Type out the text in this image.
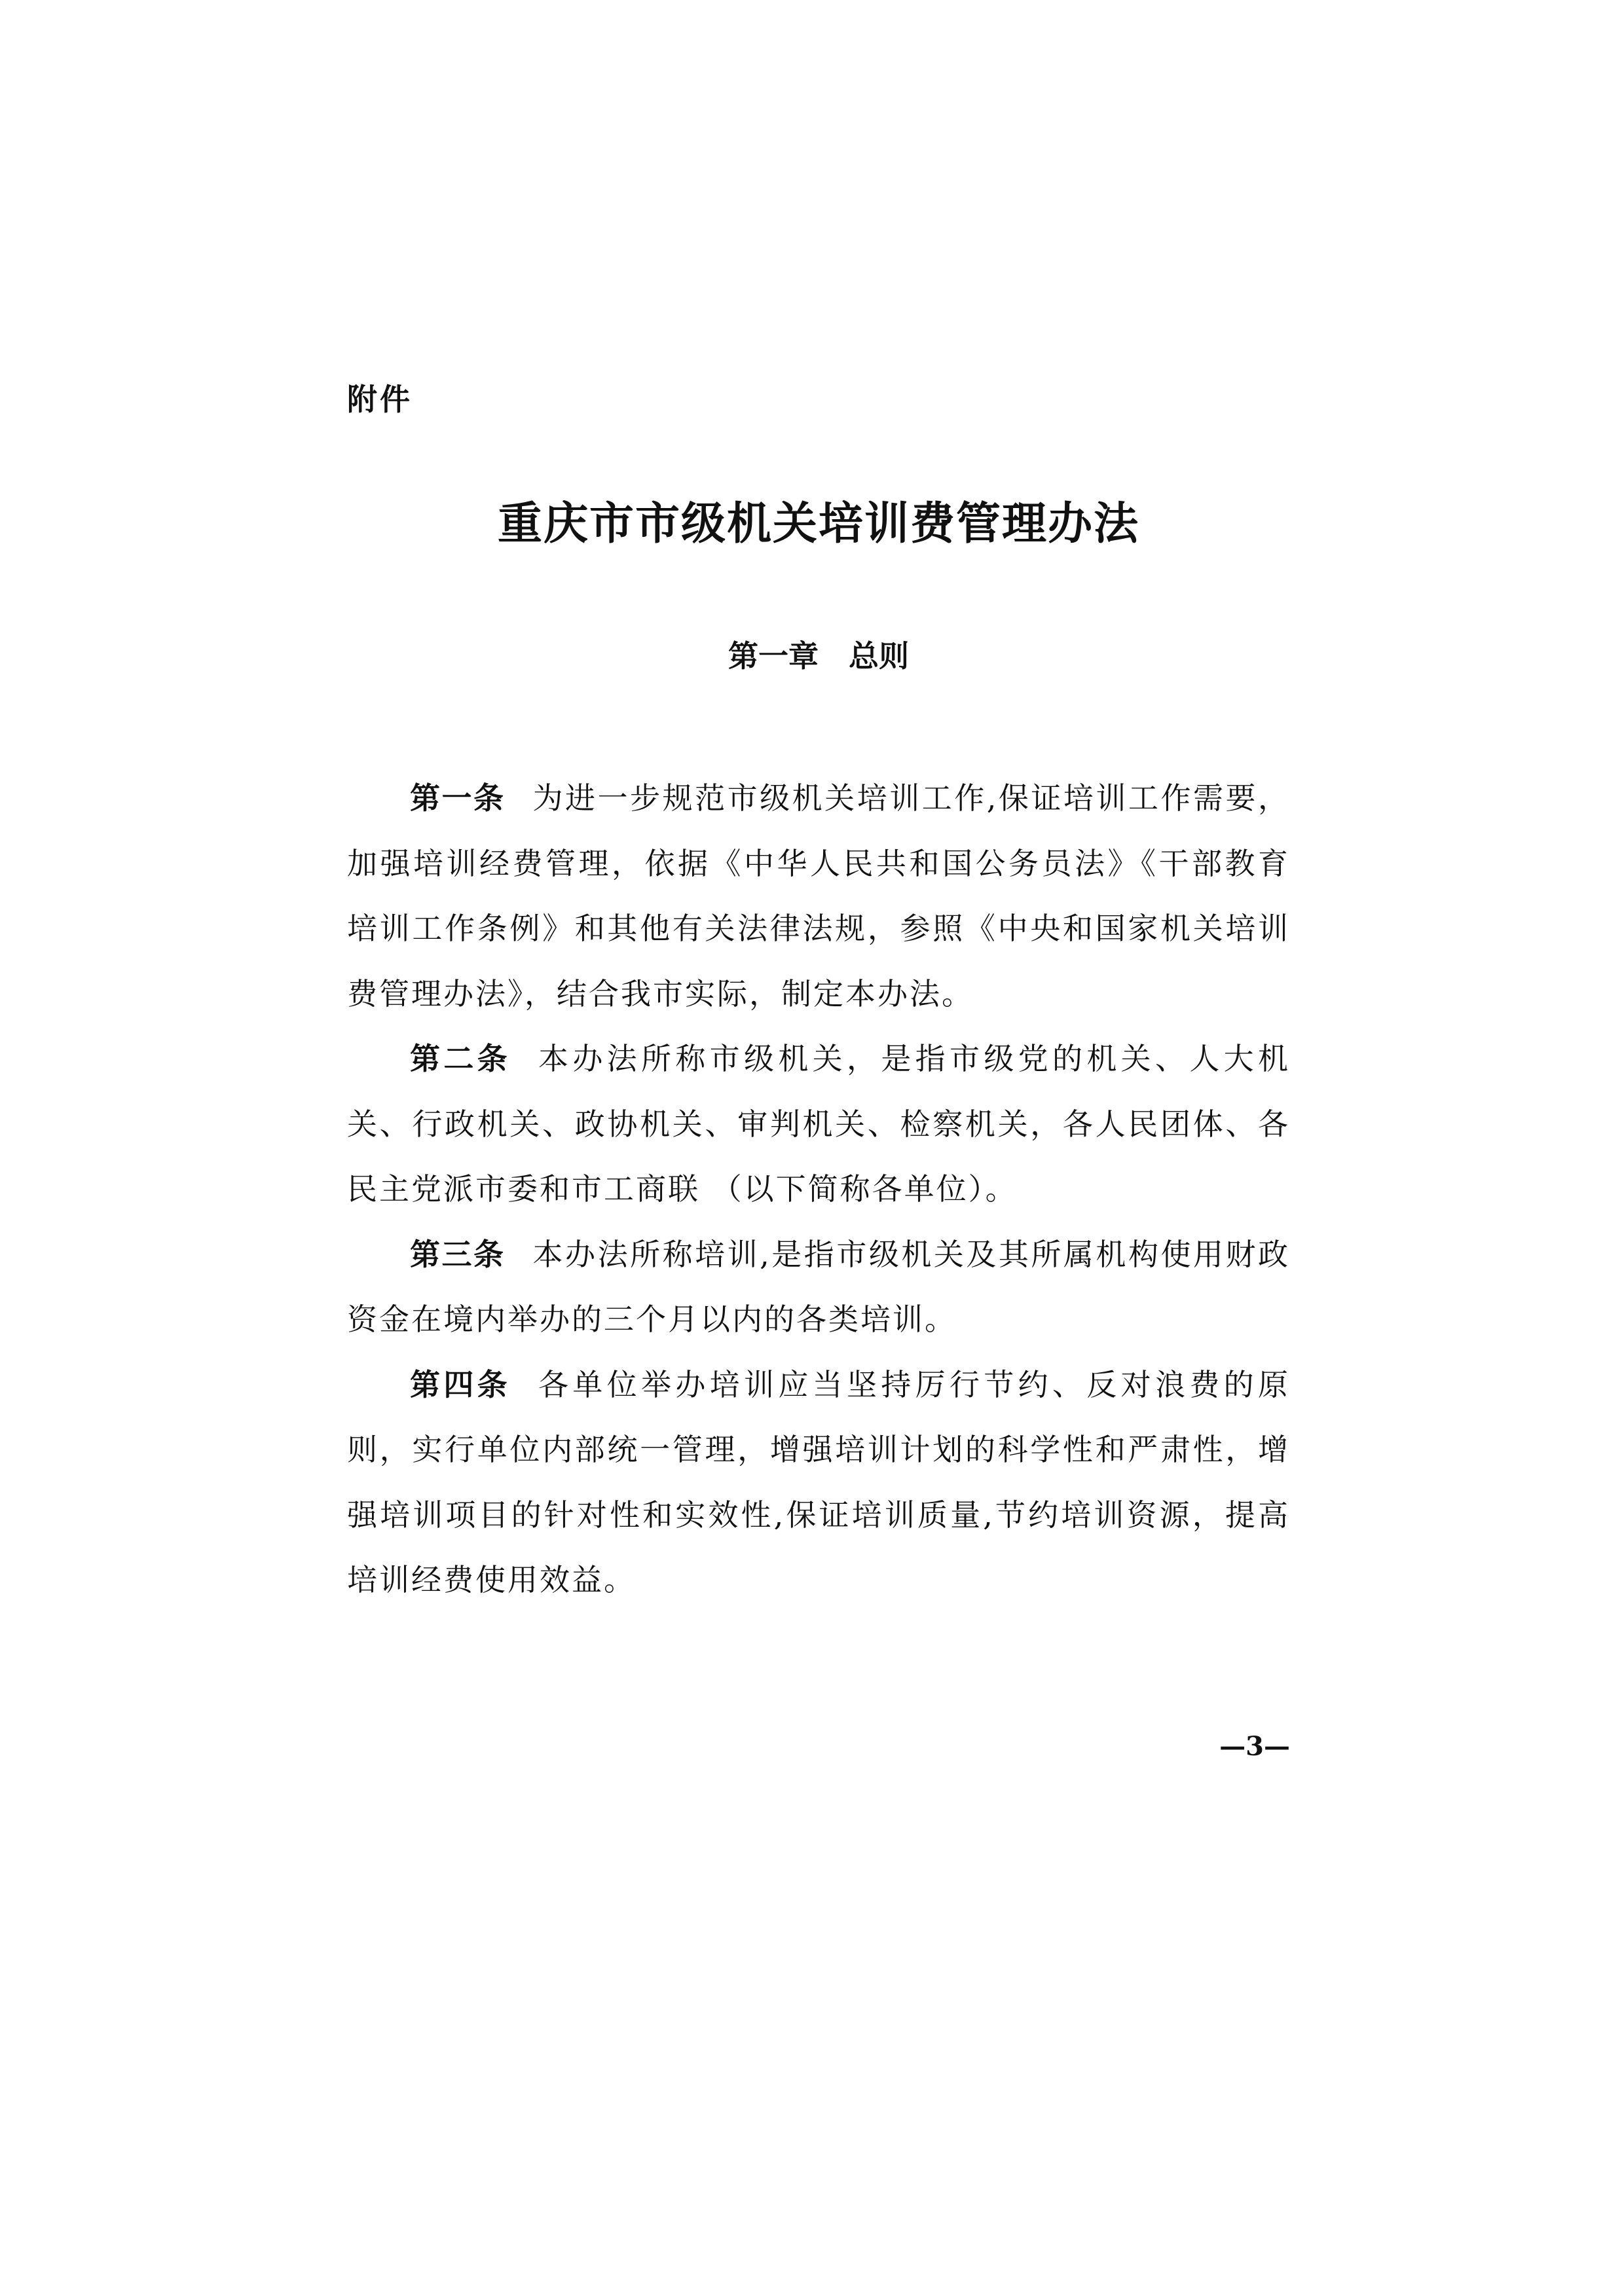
附件

重庆市市级机关培训费管理办法
第一章　总则

第一条 为进一步规范市级机关培训工作,保证培训工作需要，加强培训经费管理，依据《中华人民共和国公务员法》《干部教育培训工作条例》和其他有关法律法规，参照《中央和国家机关培训费管理办法》，结合我市实际，制定本办法。

第二条 本办法所称市级机关，是指市级党的机关、人大机关、行政机关、政协机关、审判机关、检察机关，各人民团体、各民主党派市委和市工商联 （以下简称各单位）。

第三条 本办法所称培训,是指市级机关及其所属机构使用财政资金在境内举办的三个月以内的各类培训。

第四条 各单位举办培训应当坚持厉行节约、反对浪费的原则，实行单位内部统一管理，增强培训计划的科学性和严肃性，增强培训项目的针对性和实效性,保证培训质量,节约培训资源，提高培训经费使用效益。

—3—
